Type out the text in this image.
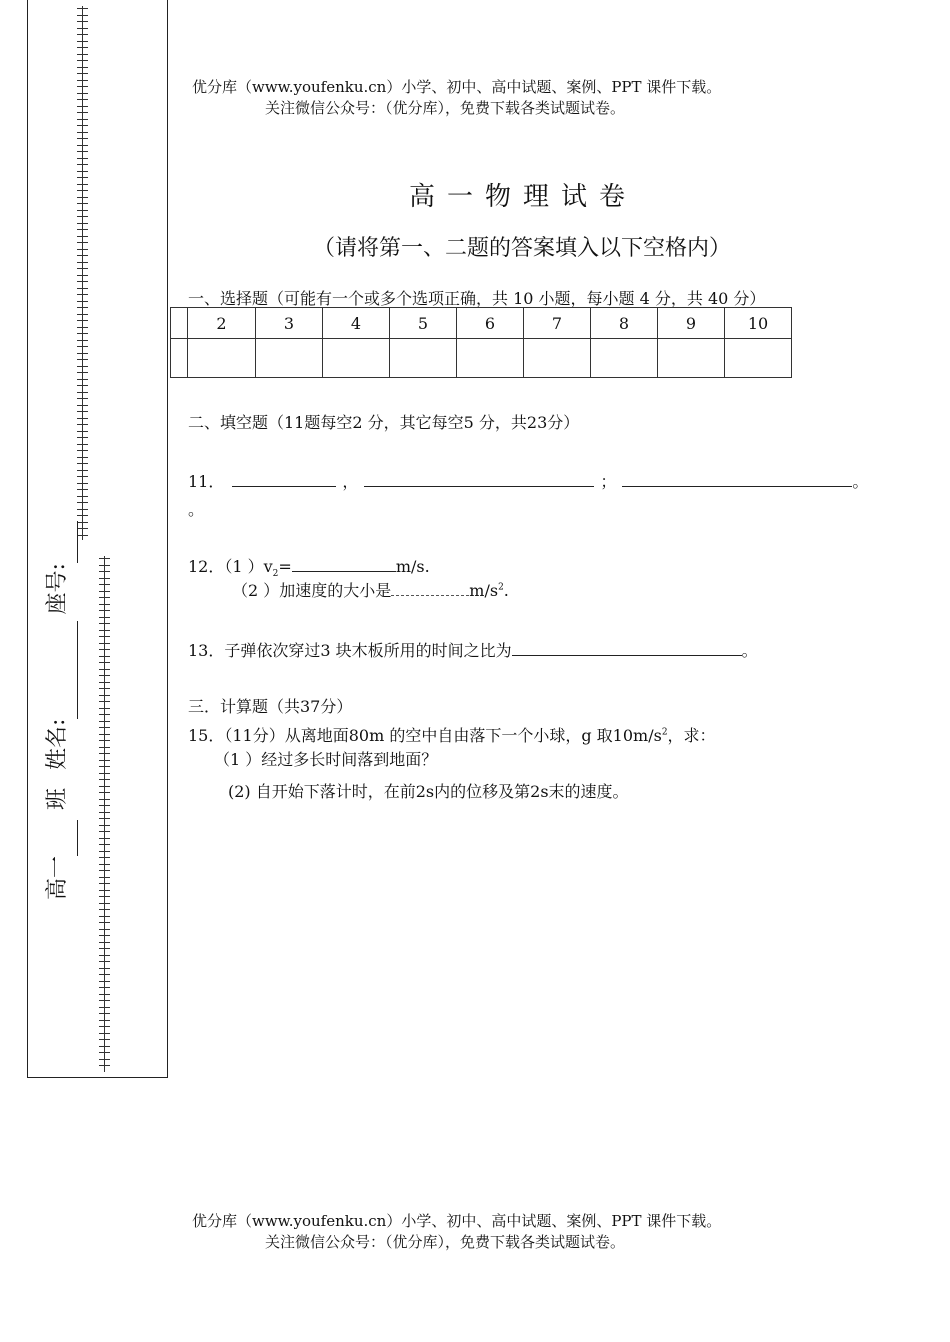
优分库（www.youfenku.cn）小学、初中、高中试题、案例、PPT 课件下载。
关注微信公众号：（优分库），免费下载各类试题试卷。
高一班姓名:座号:
高一物理试卷
（请将第一、二题的答案填入以下空格内）
一、选择题（可能有一个或多个选项正确，共 10 小题，每小题 4 分，共 40 分）
	2	3	4	5	6	7	8	9	10

二、填空题（11题每空2 分，其它每空5 分，共23分）
11．	，	；	。
。
12．（1 ）$v_2=$	m/s.
（2 ）加速度的大小是	$m/s^2$.
13．子弹依次穿过3 块木板所用的时间之比为	。
三．计算题（共37分）
15．（11分）从离地面80m 的空中自由落下一个小球，g 取$10m/s^2$，求：
（1 ）经过多长时间落到地面？
(2) 自开始下落计时，在前2s内的位移及第2s末的速度。
优分库（www.youfenku.cn）小学、初中、高中试题、案例、PPT 课件下载。
关注微信公众号：（优分库），免费下载各类试题试卷。
